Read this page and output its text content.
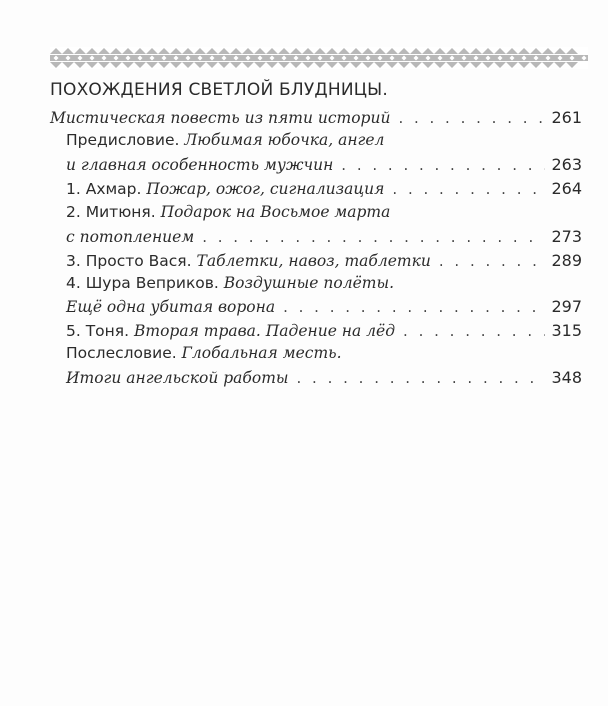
ПОХОЖДЕНИЯ СВЕТЛОЙ БЛУДНИЦЫ.
Мистическая повесть из пяти историй . . .	261
Предисловие.
Любимая юбочка, ангел
и главная особенность мужчин . . .	263
1. Ахмар.
Пожар, ожог, сигнализация . . .	264
2. Митюня.
Подарок на Восьмое марта
с потоплением . . .	273
3. Просто Вася.
Таблетки, навоз, таблетки . . .	289
4. Шура Веприков.
Воздушные полёты.
Ещё одна убитая ворона . . .	297
5. Тоня.
Вторая трава. Падение на лёд . . .	315
Послесловие.
Глобальная месть.
Итоги ангельской работы . . .	348
